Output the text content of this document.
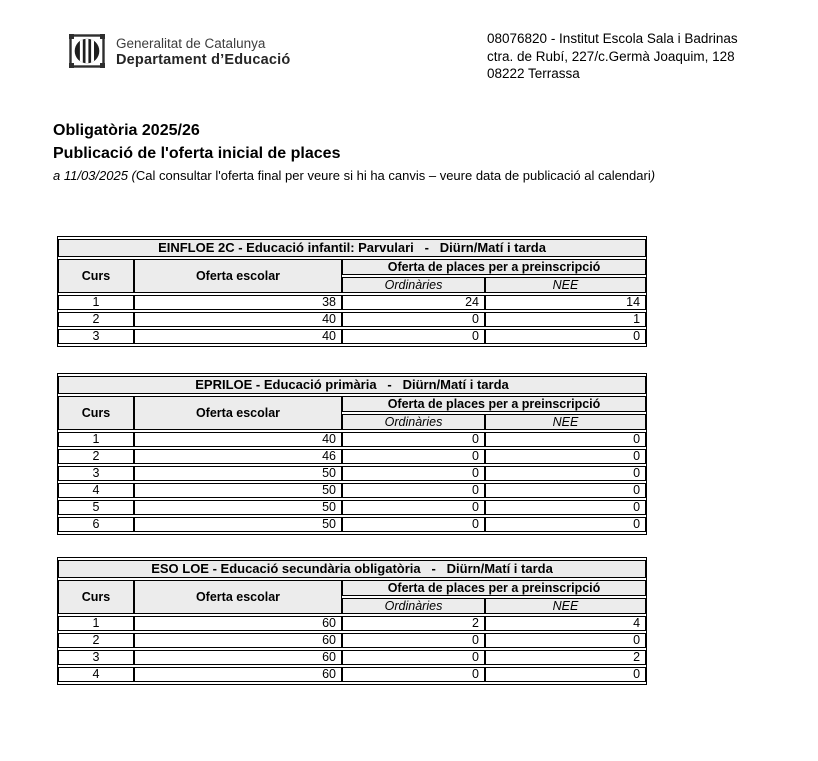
Generalitat de Catalunya
Departament d’Educació
08076820 - Institut Escola Sala i Badrinas
ctra. de Rubí, 227/c.Germà Joaquim, 128
08222 Terrassa
Obligatòria 2025/26
Publicació de l'oferta inicial de places
a 11/03/2025 (Cal consultar l'oferta final per veure si hi ha canvis – veure data de publicació al calendari)
EINFLOE 2C - Educació infantil: Parvulari   -   Diürn/Matí i tarda			
Curs	Oferta escolar	Oferta de places per a preinscripció	
		Ordinàries	NEE
1	38	24	14
2	40	0	1
3	40	0	0
EPRILOE - Educació primària   -   Diürn/Matí i tarda			
Curs	Oferta escolar	Oferta de places per a preinscripció	
		Ordinàries	NEE
1	40	0	0
2	46	0	0
3	50	0	0
4	50	0	0
5	50	0	0
6	50	0	0
ESO LOE - Educació secundària obligatòria   -   Diürn/Matí i tarda			
Curs	Oferta escolar	Oferta de places per a preinscripció	
		Ordinàries	NEE
1	60	2	4
2	60	0	0
3	60	0	2
4	60	0	0
